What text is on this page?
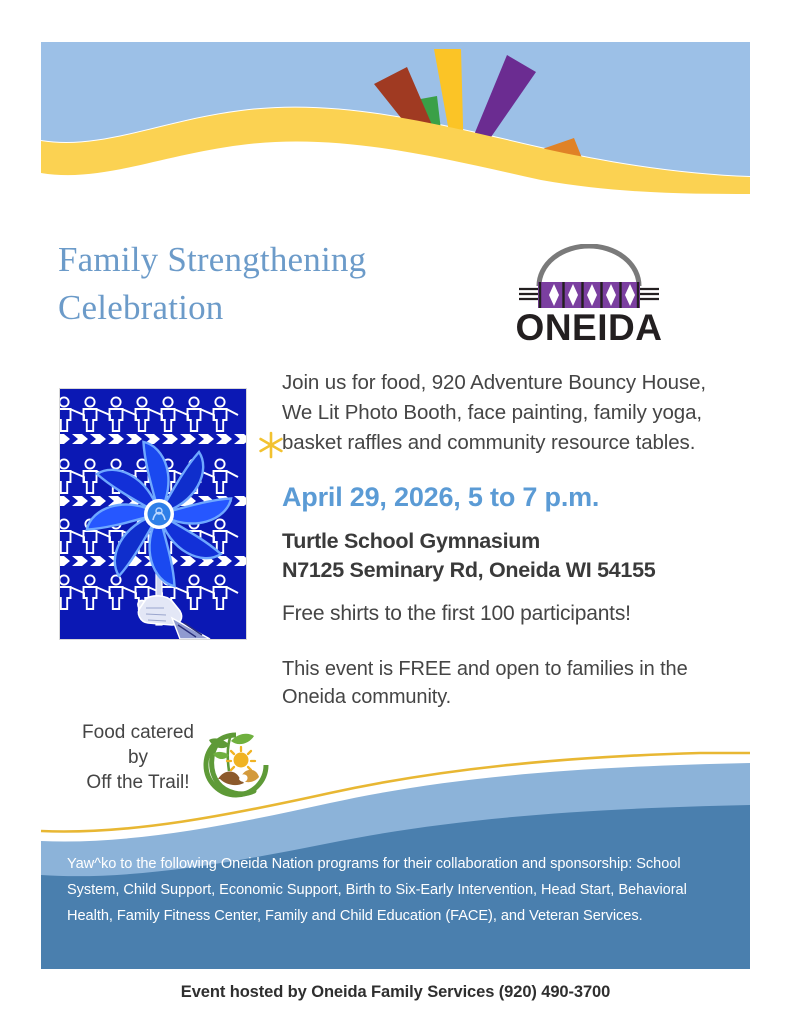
Family Strengthening
Celebration	ONEIDA
Join us for food, 920 Adventure Bouncy House, We Lit Photo Booth, face painting, family yoga, basket raffles and community resource tables.
April 29, 2026, 5 to 7 p.m.
Turtle School Gymnasium
N7125 Seminary Rd, Oneida WI 54155
Free shirts to the first 100 participants!
This event is FREE and open to families in the Oneida community.
Food catered
by
Off the Trail!
Yaw^ko to the following Oneida Nation programs for their collaboration and sponsorship: School System, Child Support, Economic Support, Birth to Six-Early Intervention, Head Start, Behavioral Health, Family Fitness Center, Family and Child Education (FACE), and Veteran Services.
Event hosted by Oneida Family Services (920) 490-3700
